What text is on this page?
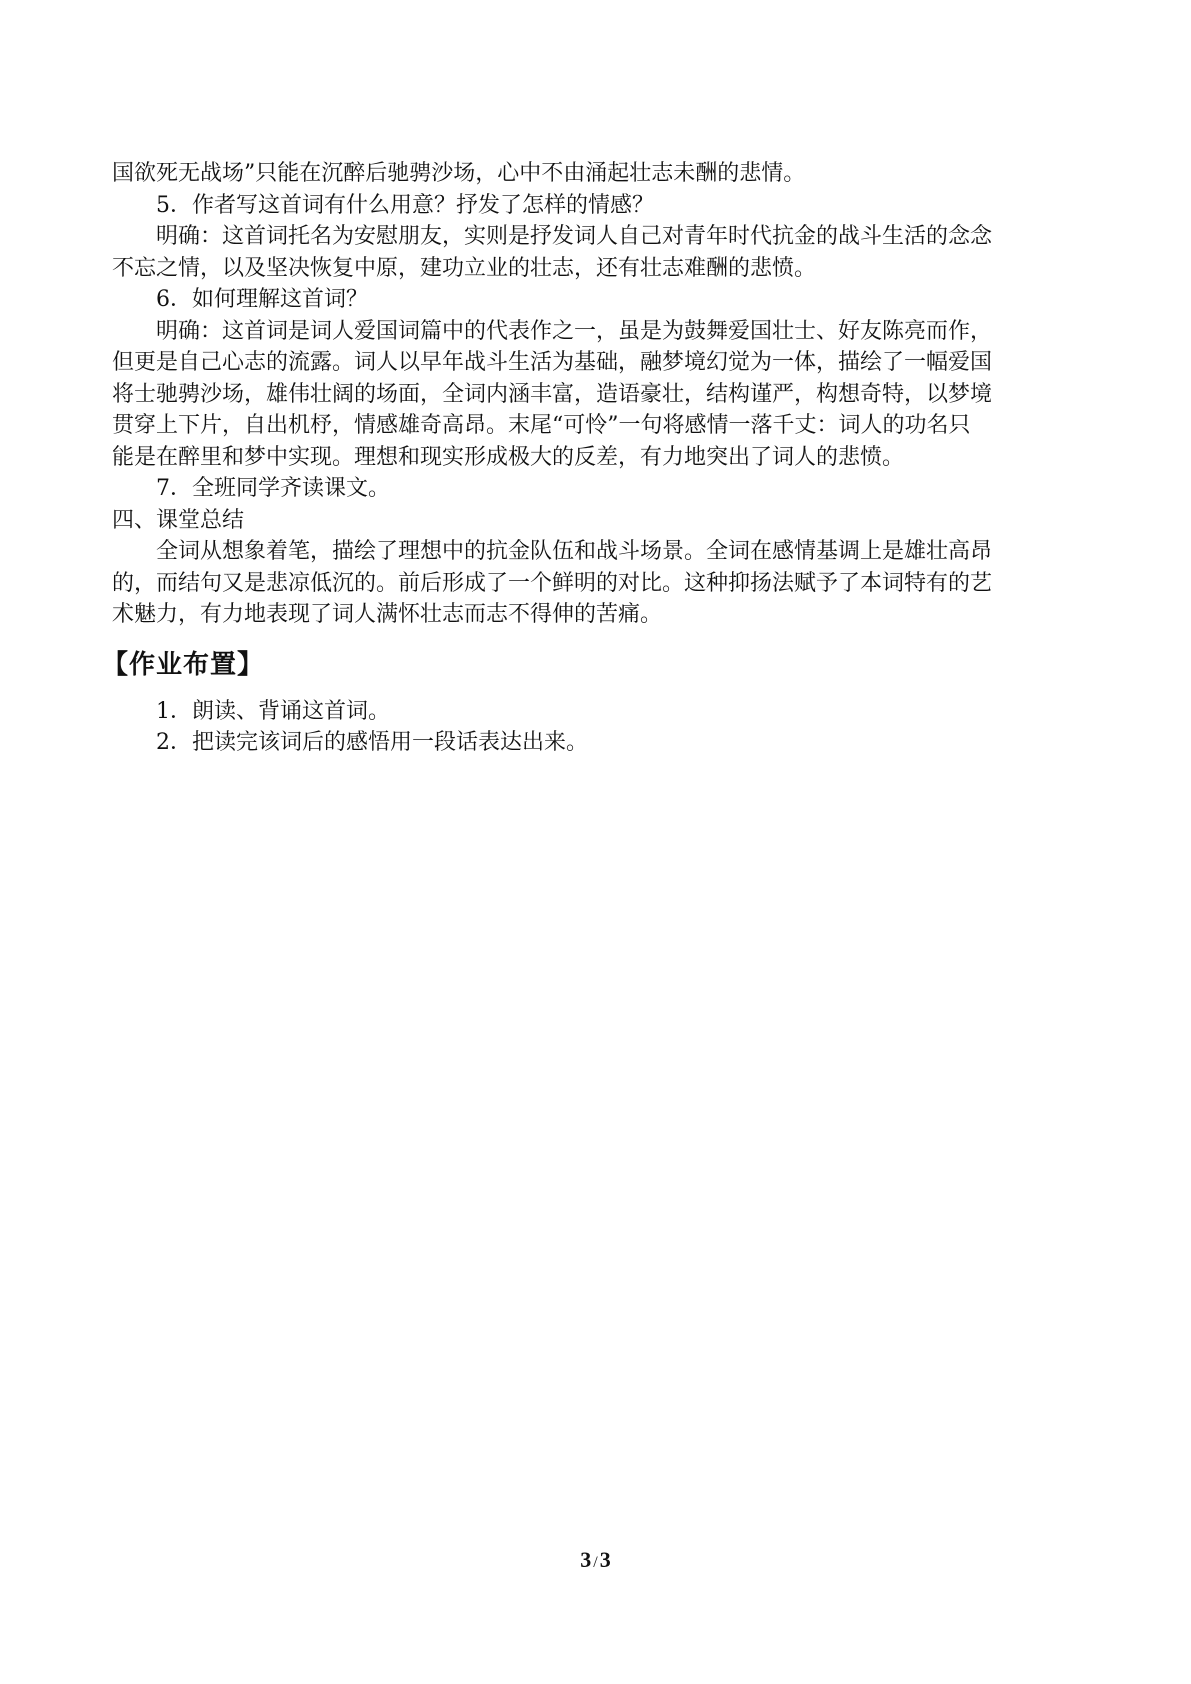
国欲死无战场”只能在沉醉后驰骋沙场，心中不由涌起壮志未酬的悲情。

5．作者写这首词有什么用意？抒发了怎样的情感？

明确：这首词托名为安慰朋友，实则是抒发词人自己对青年时代抗金的战斗生活的念念

不忘之情，以及坚决恢复中原，建功立业的壮志，还有壮志难酬的悲愤。

6．如何理解这首词？

明确：这首词是词人爱国词篇中的代表作之一，虽是为鼓舞爱国壮士、好友陈亮而作，

但更是自己心志的流露。词人以早年战斗生活为基础，融梦境幻觉为一体，描绘了一幅爱国

将士驰骋沙场，雄伟壮阔的场面，全词内涵丰富，造语豪壮，结构谨严，构想奇特，以梦境

贯穿上下片，自出机杼，情感雄奇高昂。末尾“可怜”一句将感情一落千丈：词人的功名只

能是在醉里和梦中实现。理想和现实形成极大的反差，有力地突出了词人的悲愤。

7．全班同学齐读课文。

四、课堂总结

全词从想象着笔，描绘了理想中的抗金队伍和战斗场景。全词在感情基调上是雄壮高昂

的，而结句又是悲凉低沉的。前后形成了一个鲜明的对比。这种抑扬法赋予了本词特有的艺

术魅力，有力地表现了词人满怀壮志而志不得伸的苦痛。

【作业布置】

1．朗读、背诵这首词。

2．把读完该词后的感悟用一段话表达出来。

3 /3
